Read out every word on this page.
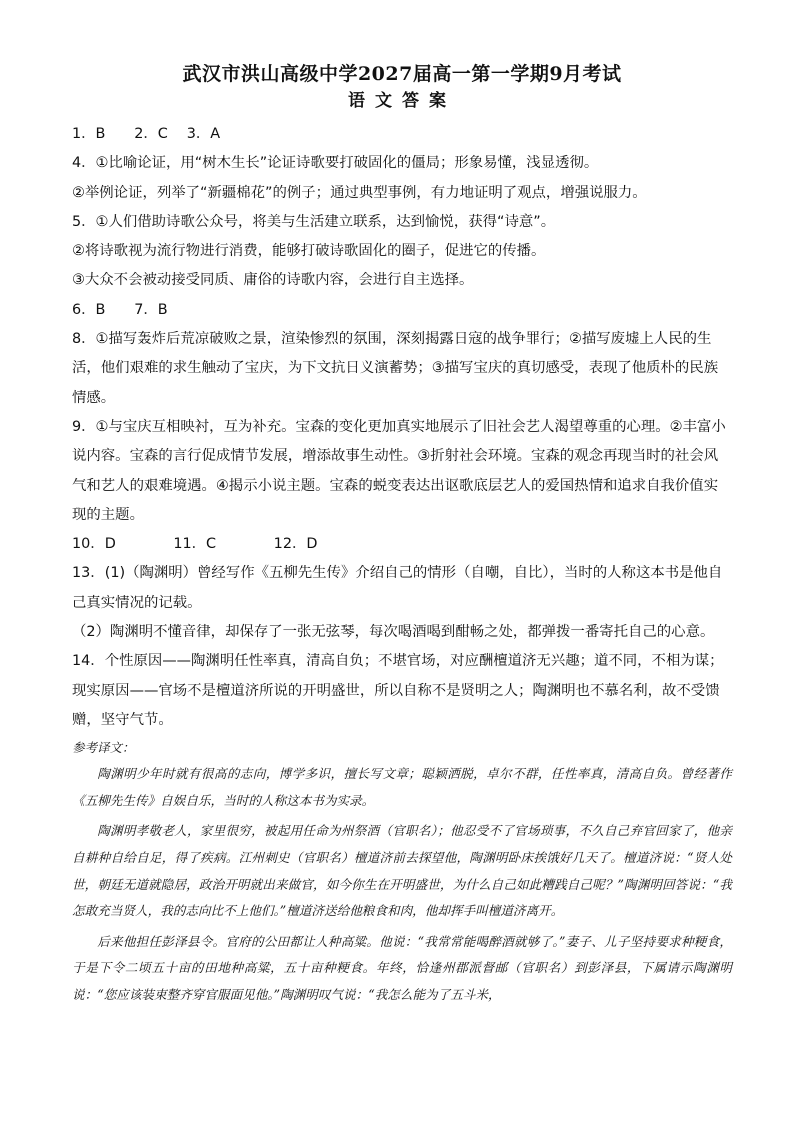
武汉市洪山高级中学2027届高一第一学期9月考试
语文答案

1．B　　2．C　 3．A

4．①比喻论证，用“树木生长”论证诗歌要打破固化的僵局；形象易懂，浅显透彻。

②举例论证，列举了“新疆棉花”的例子；通过典型事例，有力地证明了观点，增强说服力。

5．①人们借助诗歌公众号，将美与生活建立联系，达到愉悦，获得“诗意”。

②将诗歌视为流行物进行消费，能够打破诗歌固化的圈子，促进它的传播。

③大众不会被动接受同质、庸俗的诗歌内容，会进行自主选择。

6．B　　7．B

8．①描写轰炸后荒凉破败之景，渲染惨烈的氛围，深刻揭露日寇的战争罪行；②描写废墟上人民的生活，他们艰难的求生触动了宝庆，为下文抗日义演蓄势；③描写宝庆的真切感受，表现了他质朴的民族情感。

9．①与宝庆互相映衬，互为补充。宝森的变化更加真实地展示了旧社会艺人渴望尊重的心理。②丰富小说内容。宝森的言行促成情节发展，增添故事生动性。③折射社会环境。宝森的观念再现当时的社会风气和艺人的艰难境遇。④揭示小说主题。宝森的蜕变表达出讴歌底层艺人的爱国热情和追求自我价值实现的主题。

10．D　　　　11．C　　　　12．D

13．(1)（陶渊明）曾经写作《五柳先生传》介绍自己的情形（自嘲，自比），当时的人称这本书是他自己真实情况的记载。

（2）陶渊明不懂音律，却保存了一张无弦琴，每次喝酒喝到酣畅之处，都弹拨一番寄托自己的心意。

14．个性原因——陶渊明任性率真，清高自负；不堪官场，对应酬檀道济无兴趣；道不同，不相为谋；现实原因——官场不是檀道济所说的开明盛世，所以自称不是贤明之人；陶渊明也不慕名利，故不受馈赠，坚守气节。

参考译文：

陶渊明少年时就有很高的志向，博学多识，擅长写文章；聪颖洒脱，卓尔不群，任性率真，清高自负。曾经著作《五柳先生传》自娱自乐，当时的人称这本书为实录。

陶渊明孝敬老人，家里很穷，被起用任命为州祭酒（官职名）；他忍受不了官场琐事，不久自己弃官回家了，他亲自耕种自给自足，得了疾病。江州刺史（官职名）檀道济前去探望他，陶渊明卧床挨饿好几天了。檀道济说：“贤人处世，朝廷无道就隐居，政治开明就出来做官，如今你生在开明盛世，为什么自己如此糟践自己呢？”陶渊明回答说：“我怎敢充当贤人，我的志向比不上他们。”檀道济送给他粮食和肉，他却挥手叫檀道济离开。

后来他担任彭泽县令。官府的公田都让人种高粱。他说：“我常常能喝醉酒就够了。”妻子、儿子坚持要求种粳食，于是下令二顷五十亩的田地种高粱，五十亩种粳食。年终，恰逢州郡派督邮（官职名）到彭泽县，下属请示陶渊明说：“您应该装束整齐穿官服面见他。”陶渊明叹气说：“我怎么能为了五斗米，
